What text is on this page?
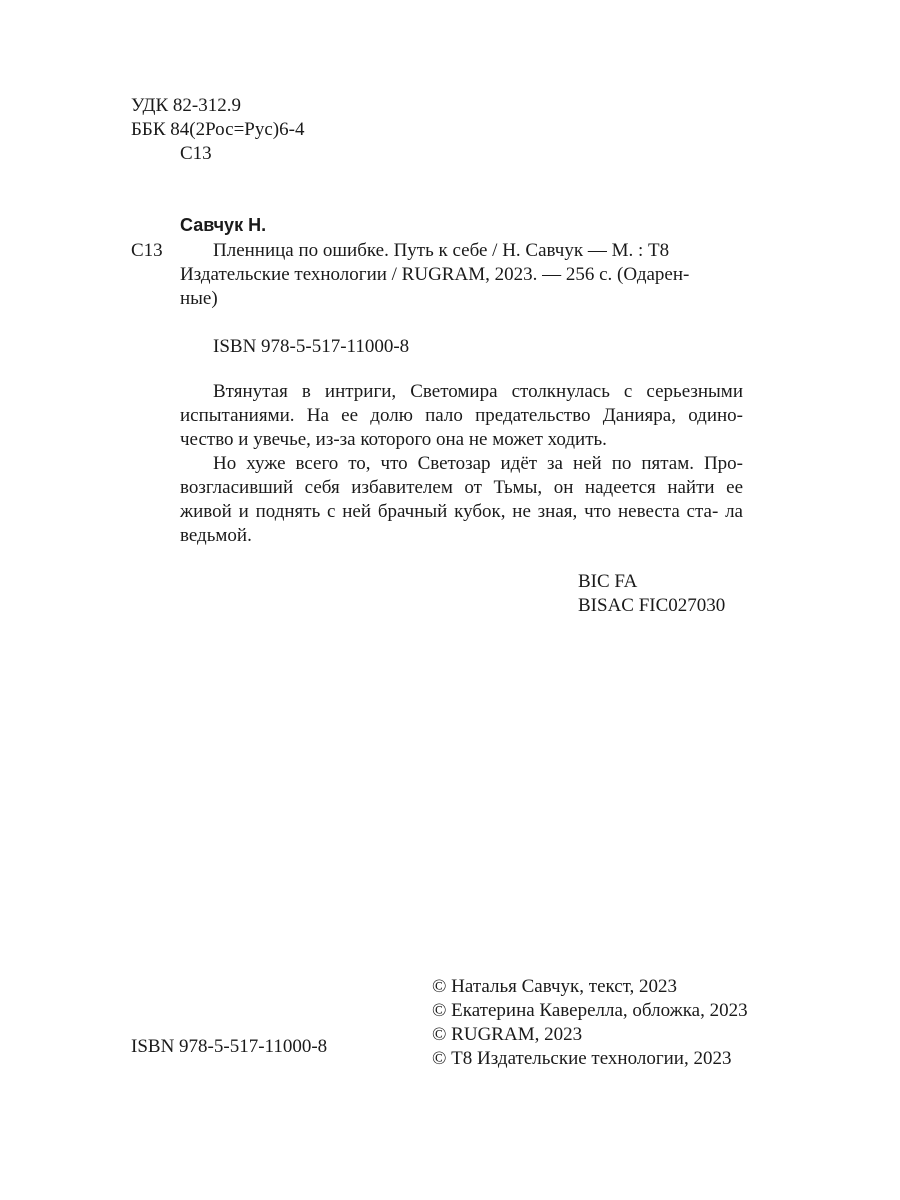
УДК 82-312.9
ББК 84(2Рос=Рус)6-4
С13
Савчук Н.
С13	Пленница по ошибке. Путь к себе / Н. Савчук — М. : Т8
Издательские технологии / RUGRAM, 2023. — 256 с. (Одарен-
ные)
ISBN 978-5-517-11000-8

Втянутая в интриги, Светомира столкнулась с серьезными испытаниями. На ее долю пало предательство Данияра, одино- чество и увечье, из-за которого она не может ходить.

Но хуже всего то, что Светозар идёт за ней по пятам. Про- возгласивший себя избавителем от Тьмы, он надеется найти ее живой и поднять с ней брачный кубок, не зная, что невеста ста- ла ведьмой.

BIC FA
BISAC FIC027030
© Наталья Савчук, текст, 2023
© Екатерина Каверелла, обложка, 2023
© RUGRAM, 2023
© Т8 Издательские технологии, 2023
ISBN 978-5-517-11000-8
